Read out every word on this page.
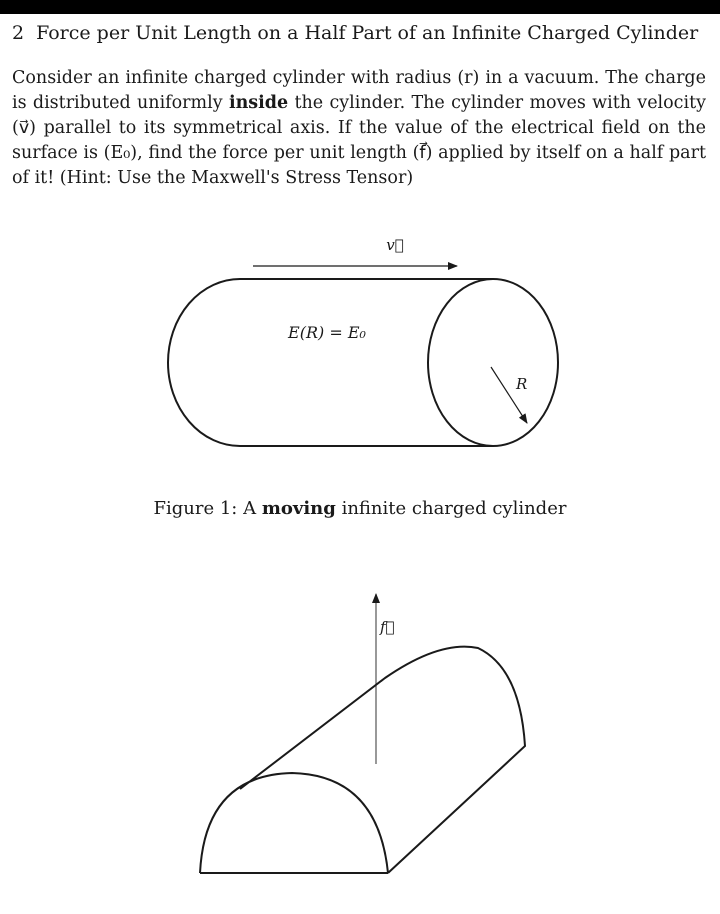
2 Force per Unit Length on a Half Part of an Infinite Charged Cylinder
Consider an infinite charged cylinder with radius (r) in a vacuum. The charge is distributed uniformly inside the cylinder. The cylinder moves with velocity (v⃗) parallel to its symmetrical axis. If the value of the electrical field on the surface is (E₀), find the force per unit length (f⃗) applied by itself on a half part of it! (Hint: Use the Maxwell's Stress Tensor)
v⃗
E(R) = E₀
R
f⃗
Figure 1: A moving infinite charged cylinder
